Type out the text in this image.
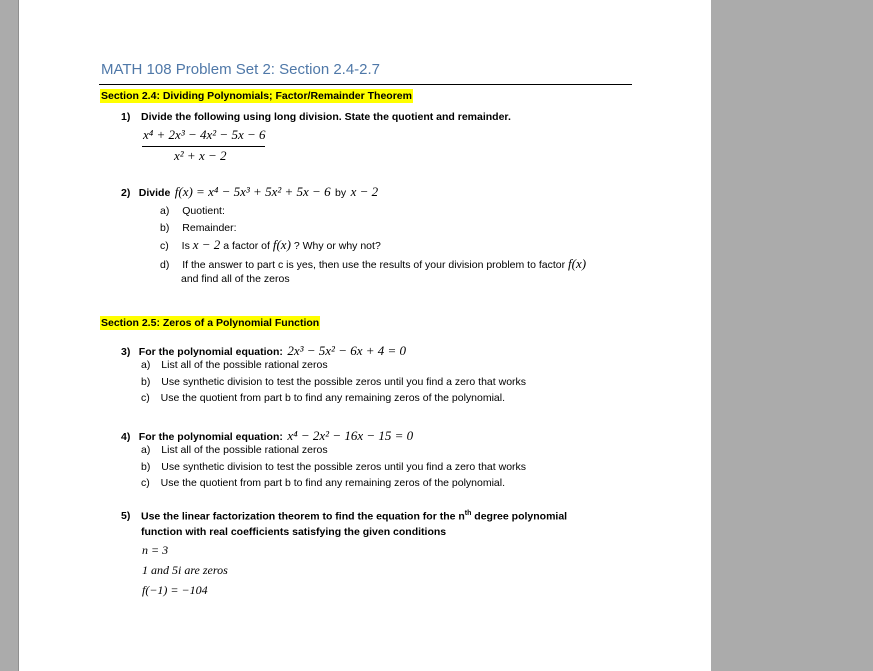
MATH 108 Problem Set 2: Section 2.4-2.7
Section 2.4: Dividing Polynomials; Factor/Remainder Theorem
1) Divide the following using long division. State the quotient and remainder.
x⁴ + 2x³ − 4x² − 5x − 6
x² + x − 2
2) Divide f(x) = x⁴ − 5x³ + 5x² + 5x − 6 by x − 2
a) Quotient:
b) Remainder:
c) Is x − 2 a factor of f(x) ? Why or why not?
d) If the answer to part c is yes, then use the results of your division problem to factor f(x)
and find all of the zeros
Section 2.5: Zeros of a Polynomial Function
3) For the polynomial equation: 2x³ − 5x² − 6x + 4 = 0
a) List all of the possible rational zeros
b) Use synthetic division to test the possible zeros until you find a zero that works
c) Use the quotient from part b to find any remaining zeros of the polynomial.
4) For the polynomial equation: x⁴ − 2x² − 16x − 15 = 0
a) List all of the possible rational zeros
b) Use synthetic division to test the possible zeros until you find a zero that works
c) Use the quotient from part b to find any remaining zeros of the polynomial.
5) Use the linear factorization theorem to find the equation for the $n^{th}$ degree polynomial
function with real coefficients satisfying the given conditions
n = 3
1 and 5i are zeros
f(−1) = −104
